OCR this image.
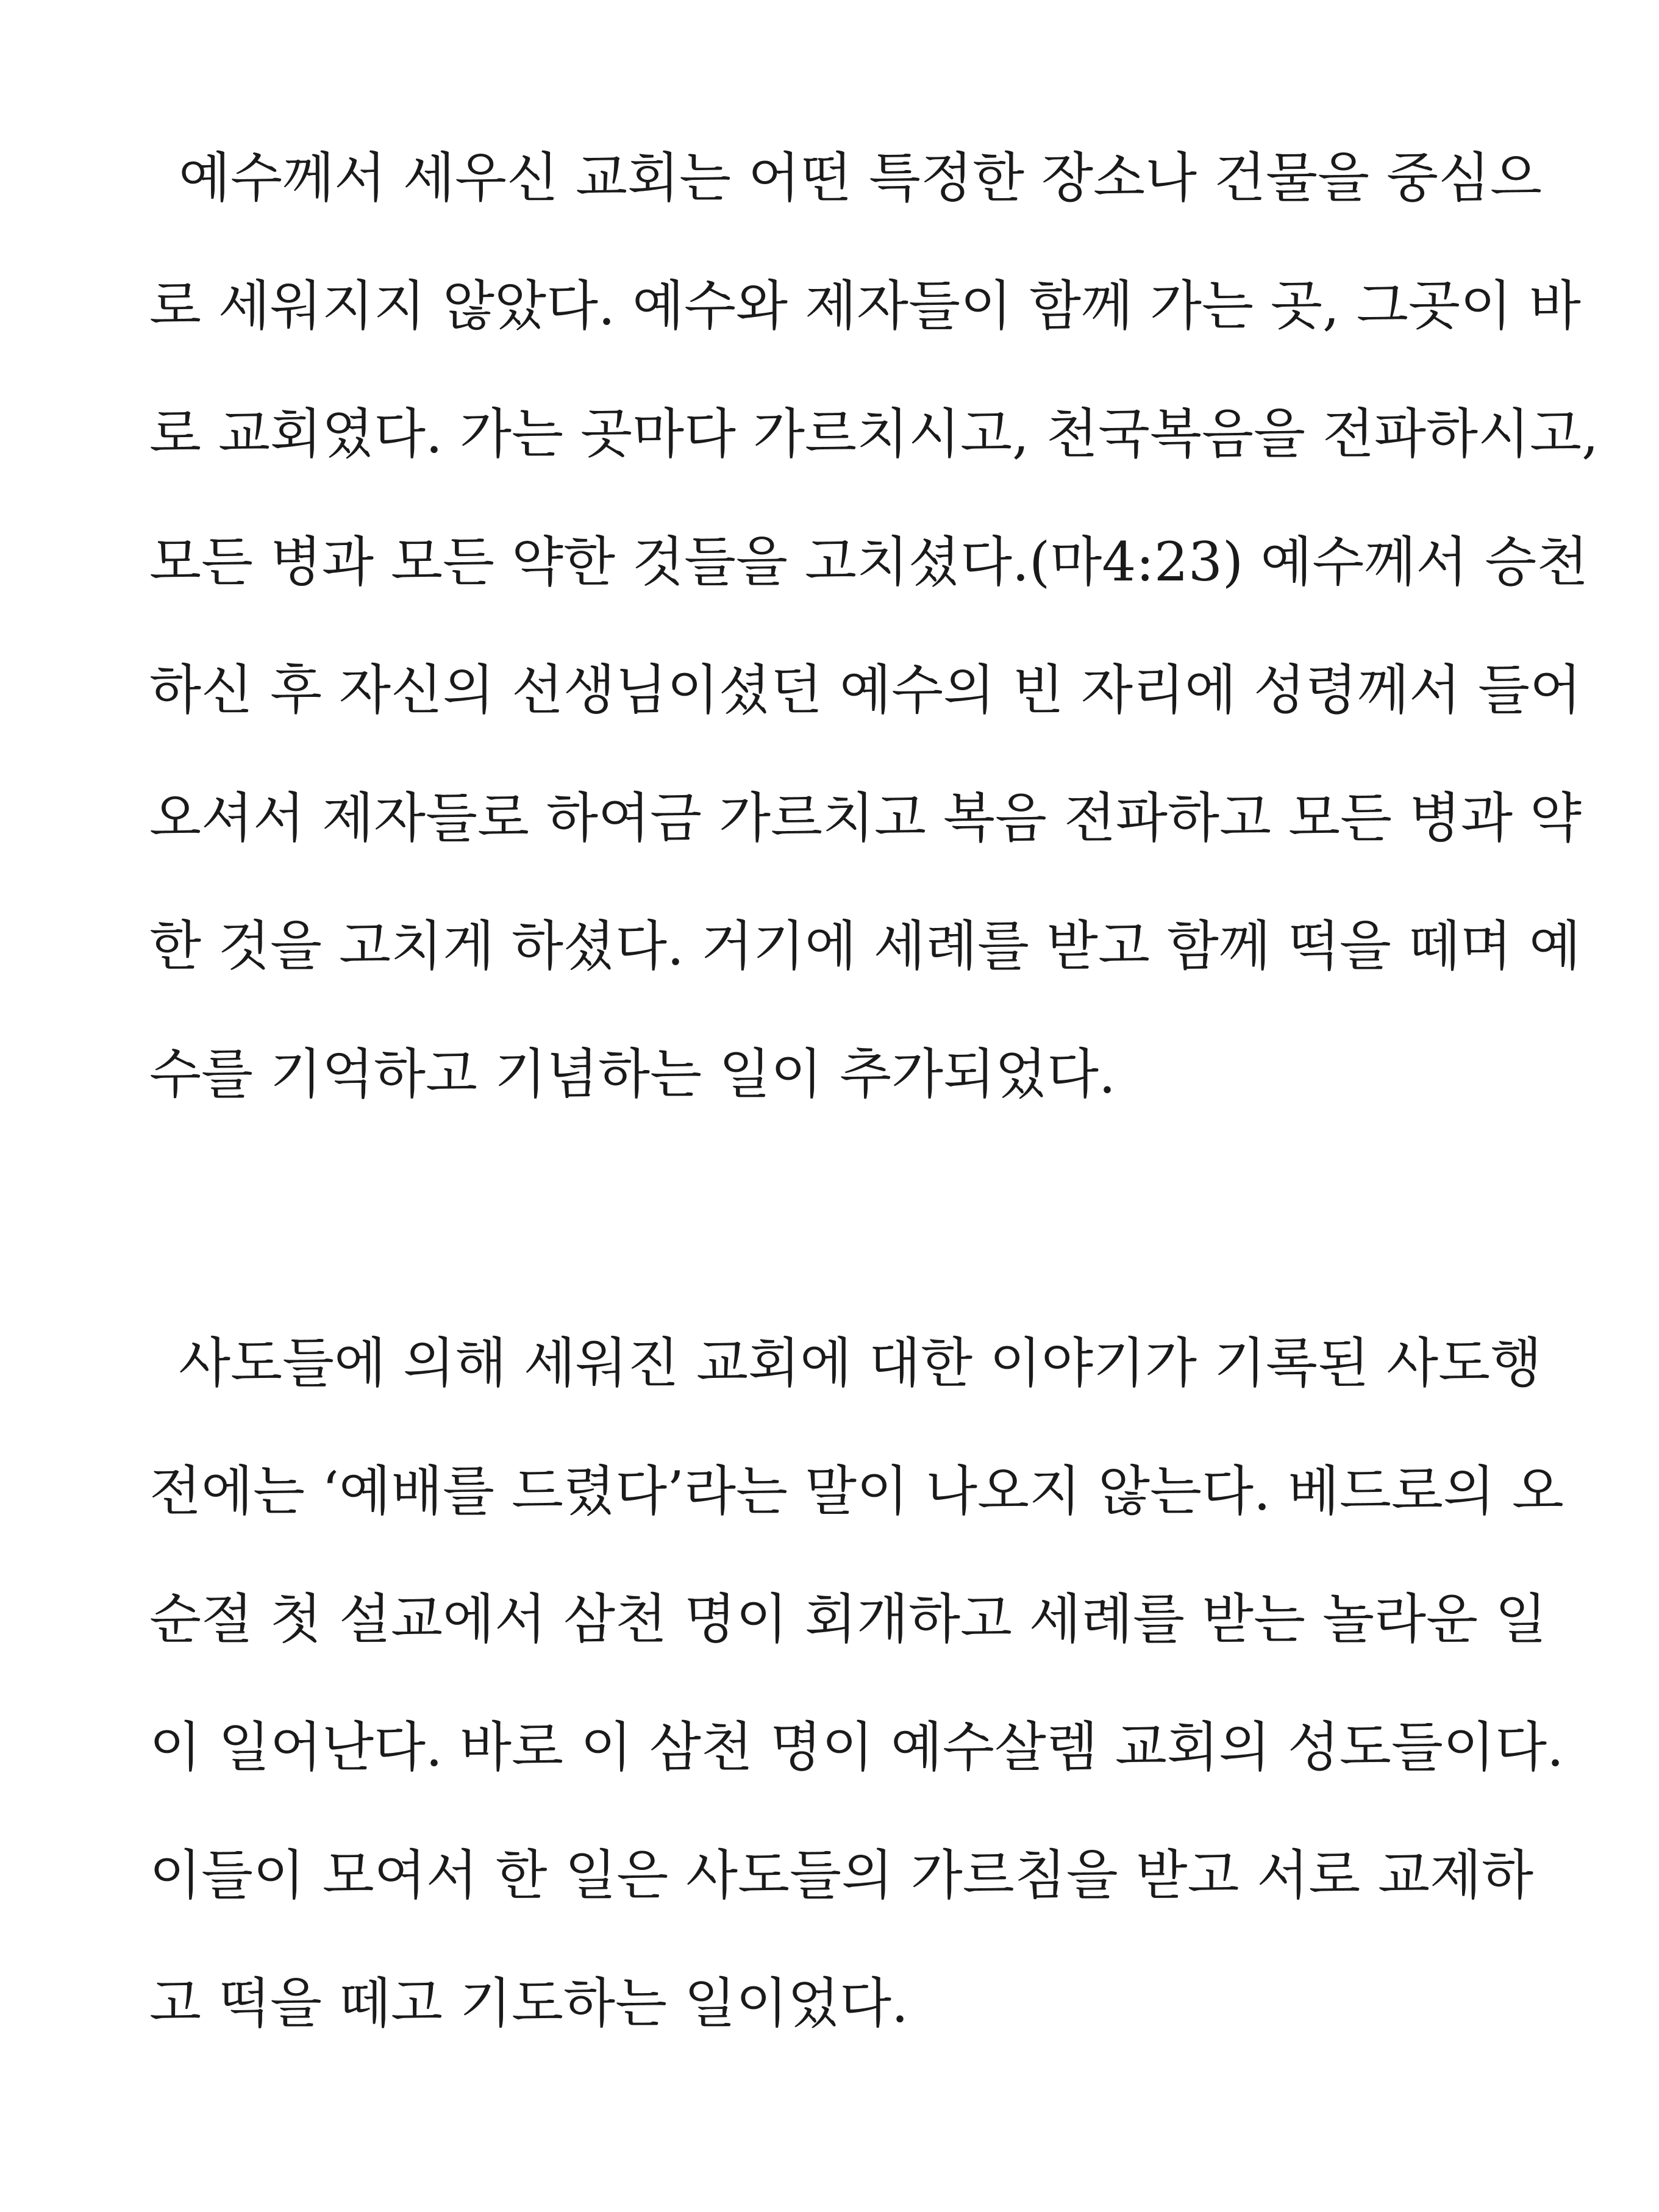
예수께서 세우신 교회는 어떤 특정한 장소나 건물을 중심으
로 세워지지 않았다. 예수와 제자들이 함께 가는 곳, 그곳이 바
로 교회였다. 가는 곳마다 가르치시고, 천국복음을 전파하시고,
모든 병과 모든 약한 것들을 고치셨다.(마4:23) 예수께서 승천
하신 후 자신의 선생님이셨던 예수의 빈 자리에 성령께서 들어
오셔서 제자들로 하여금 가르치고 복음 전파하고 모든 병과 약
한 것을 고치게 하셨다. 거기에 세례를 받고 함께 떡을 떼며 예
수를 기억하고 기념하는 일이 추가되었다.
사도들에 의해 세워진 교회에 대한 이야기가 기록된 사도행
전에는 ‘예배를 드렸다’라는 말이 나오지 않는다. 베드로의 오
순절 첫 설교에서 삼천 명이 회개하고 세례를 받는 놀라운 일
이 일어난다. 바로 이 삼천 명이 예수살렘 교회의 성도들이다.
이들이 모여서 한 일은 사도들의 가르침을 받고 서로 교제하
고 떡을 떼고 기도하는 일이었다.
